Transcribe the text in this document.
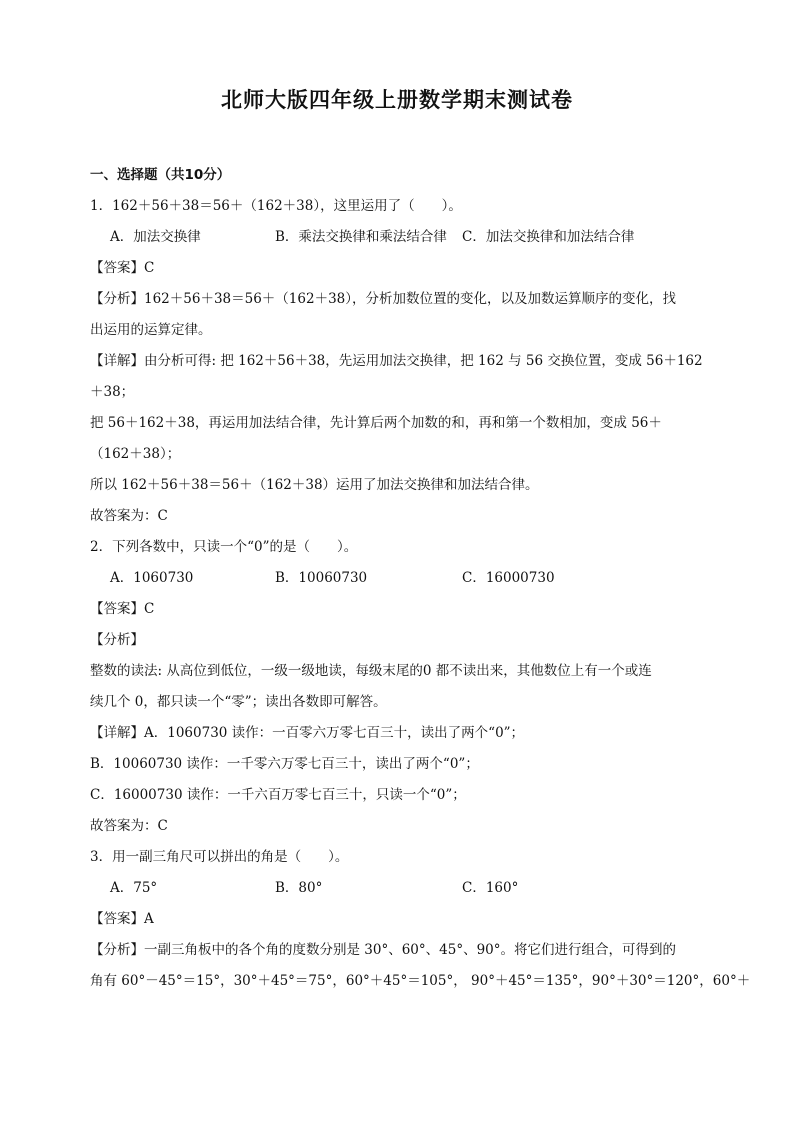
北师大版四年级上册数学期末测试卷
一、选择题（共10分）
1．162＋56＋38＝56＋（162＋38），这里运用了（　　）。
A．加法交换律	B．乘法交换律和乘法结合律 C．加法交换律和加法结合律
【答案】C
【分析】162＋56＋38＝56＋（162＋38），分析加数位置的变化，以及加数运算顺序的变化，找
出运用的运算定律。
【详解】由分析可得: 把 162＋56＋38，先运用加法交换律，把 162 与 56 交换位置，变成 56＋162
＋38；
把 56＋162＋38，再运用加法结合律，先计算后两个加数的和，再和第一个数相加，变成 56＋
（162＋38）；
所以 162＋56＋38＝56＋（162＋38）运用了加法交换律和加法结合律。
故答案为：C
2．下列各数中，只读一个“0”的是（　　）。
A．1060730	B．10060730	C．16000730
【答案】C
【分析】
整数的读法: 从高位到低位，一级一级地读，每级末尾的0 都不读出来，其他数位上有一个或连
续几个 0，都只读一个“零”；读出各数即可解答。
【详解】A．1060730 读作：一百零六万零七百三十，读出了两个“0”；
B．10060730 读作：一千零六万零七百三十，读出了两个“0”；
C．16000730 读作：一千六百万零七百三十，只读一个“0”；
故答案为：C
3．用一副三角尺可以拼出的角是（　　）。
A．75°	B．80°	C．160°
【答案】A
【分析】一副三角板中的各个角的度数分别是 30°、60°、45°、90°。将它们进行组合，可得到的
角有 60°－45°＝15°，30°＋45°＝75°，60°＋45°＝105°， 90°＋45°＝135°，90°＋30°＝120°，60°＋
